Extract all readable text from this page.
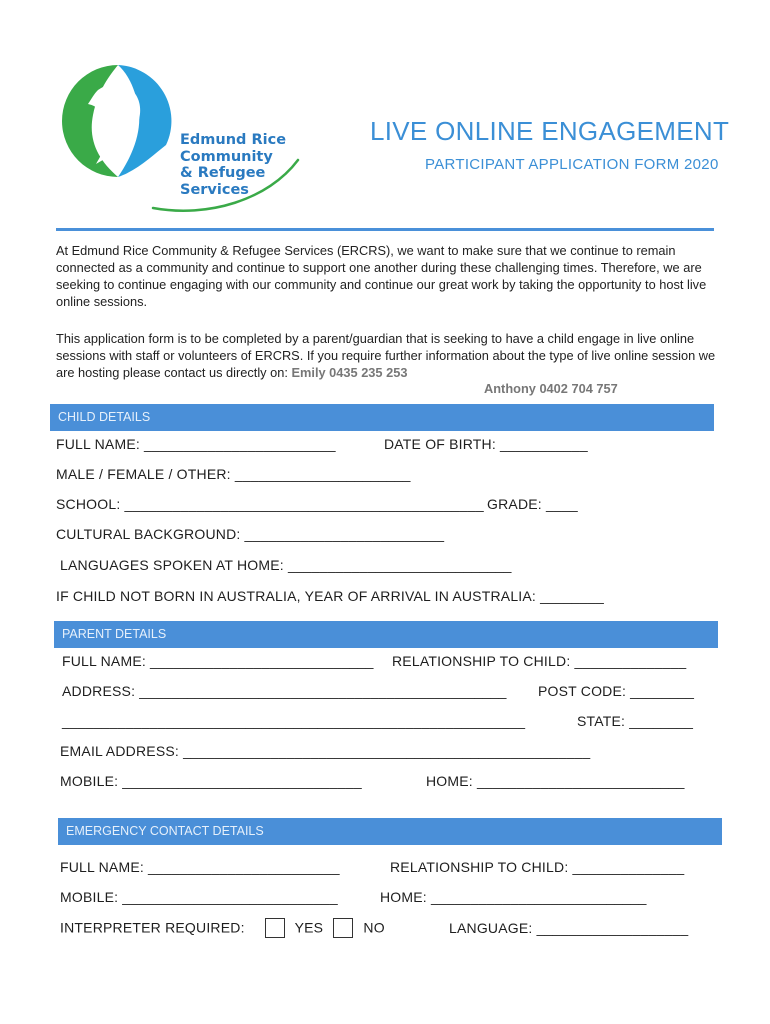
Edmund Rice
Community
& Refugee
Services
LIVE ONLINE ENGAGEMENT
PARTICIPANT APPLICATION FORM 2020
At Edmund Rice Community & Refugee Services (ERCRS), we want to make sure that we continue to remain connected as a community and continue to support one another during these challenging times. Therefore, we are seeking to continue engaging with our community and continue our great work by taking the opportunity to host live online sessions.
This application form is to be completed by a parent/guardian that is seeking to have a child engage in live online sessions with staff or volunteers of ERCRS. If you require further information about the type of live online session we are hosting please contact us directly on: Emily 0435 235 253
Anthony 0402 704 757
CHILD DETAILS
FULL NAME: ________________________	DATE OF BIRTH: ___________
MALE / FEMALE / OTHER: ______________________
SCHOOL: _____________________________________________ GRADE: ____
CULTURAL BACKGROUND: _________________________
LANGUAGES SPOKEN AT HOME: ____________________________
IF CHILD NOT BORN IN AUSTRALIA, YEAR OF ARRIVAL IN AUSTRALIA: ________
PARENT DETAILS
FULL NAME: ____________________________ RELATIONSHIP TO CHILD: ______________
ADDRESS: ______________________________________________ POST CODE: ________
__________________________________________________________	STATE: ________
EMAIL ADDRESS: ___________________________________________________
MOBILE: ______________________________	HOME: __________________________
EMERGENCY CONTACT DETAILS
FULL NAME: ________________________	RELATIONSHIP TO CHILD: ______________
MOBILE: ___________________________	HOME: ___________________________
INTERPRETER REQUIRED:	YES	NO	LANGUAGE: ___________________
